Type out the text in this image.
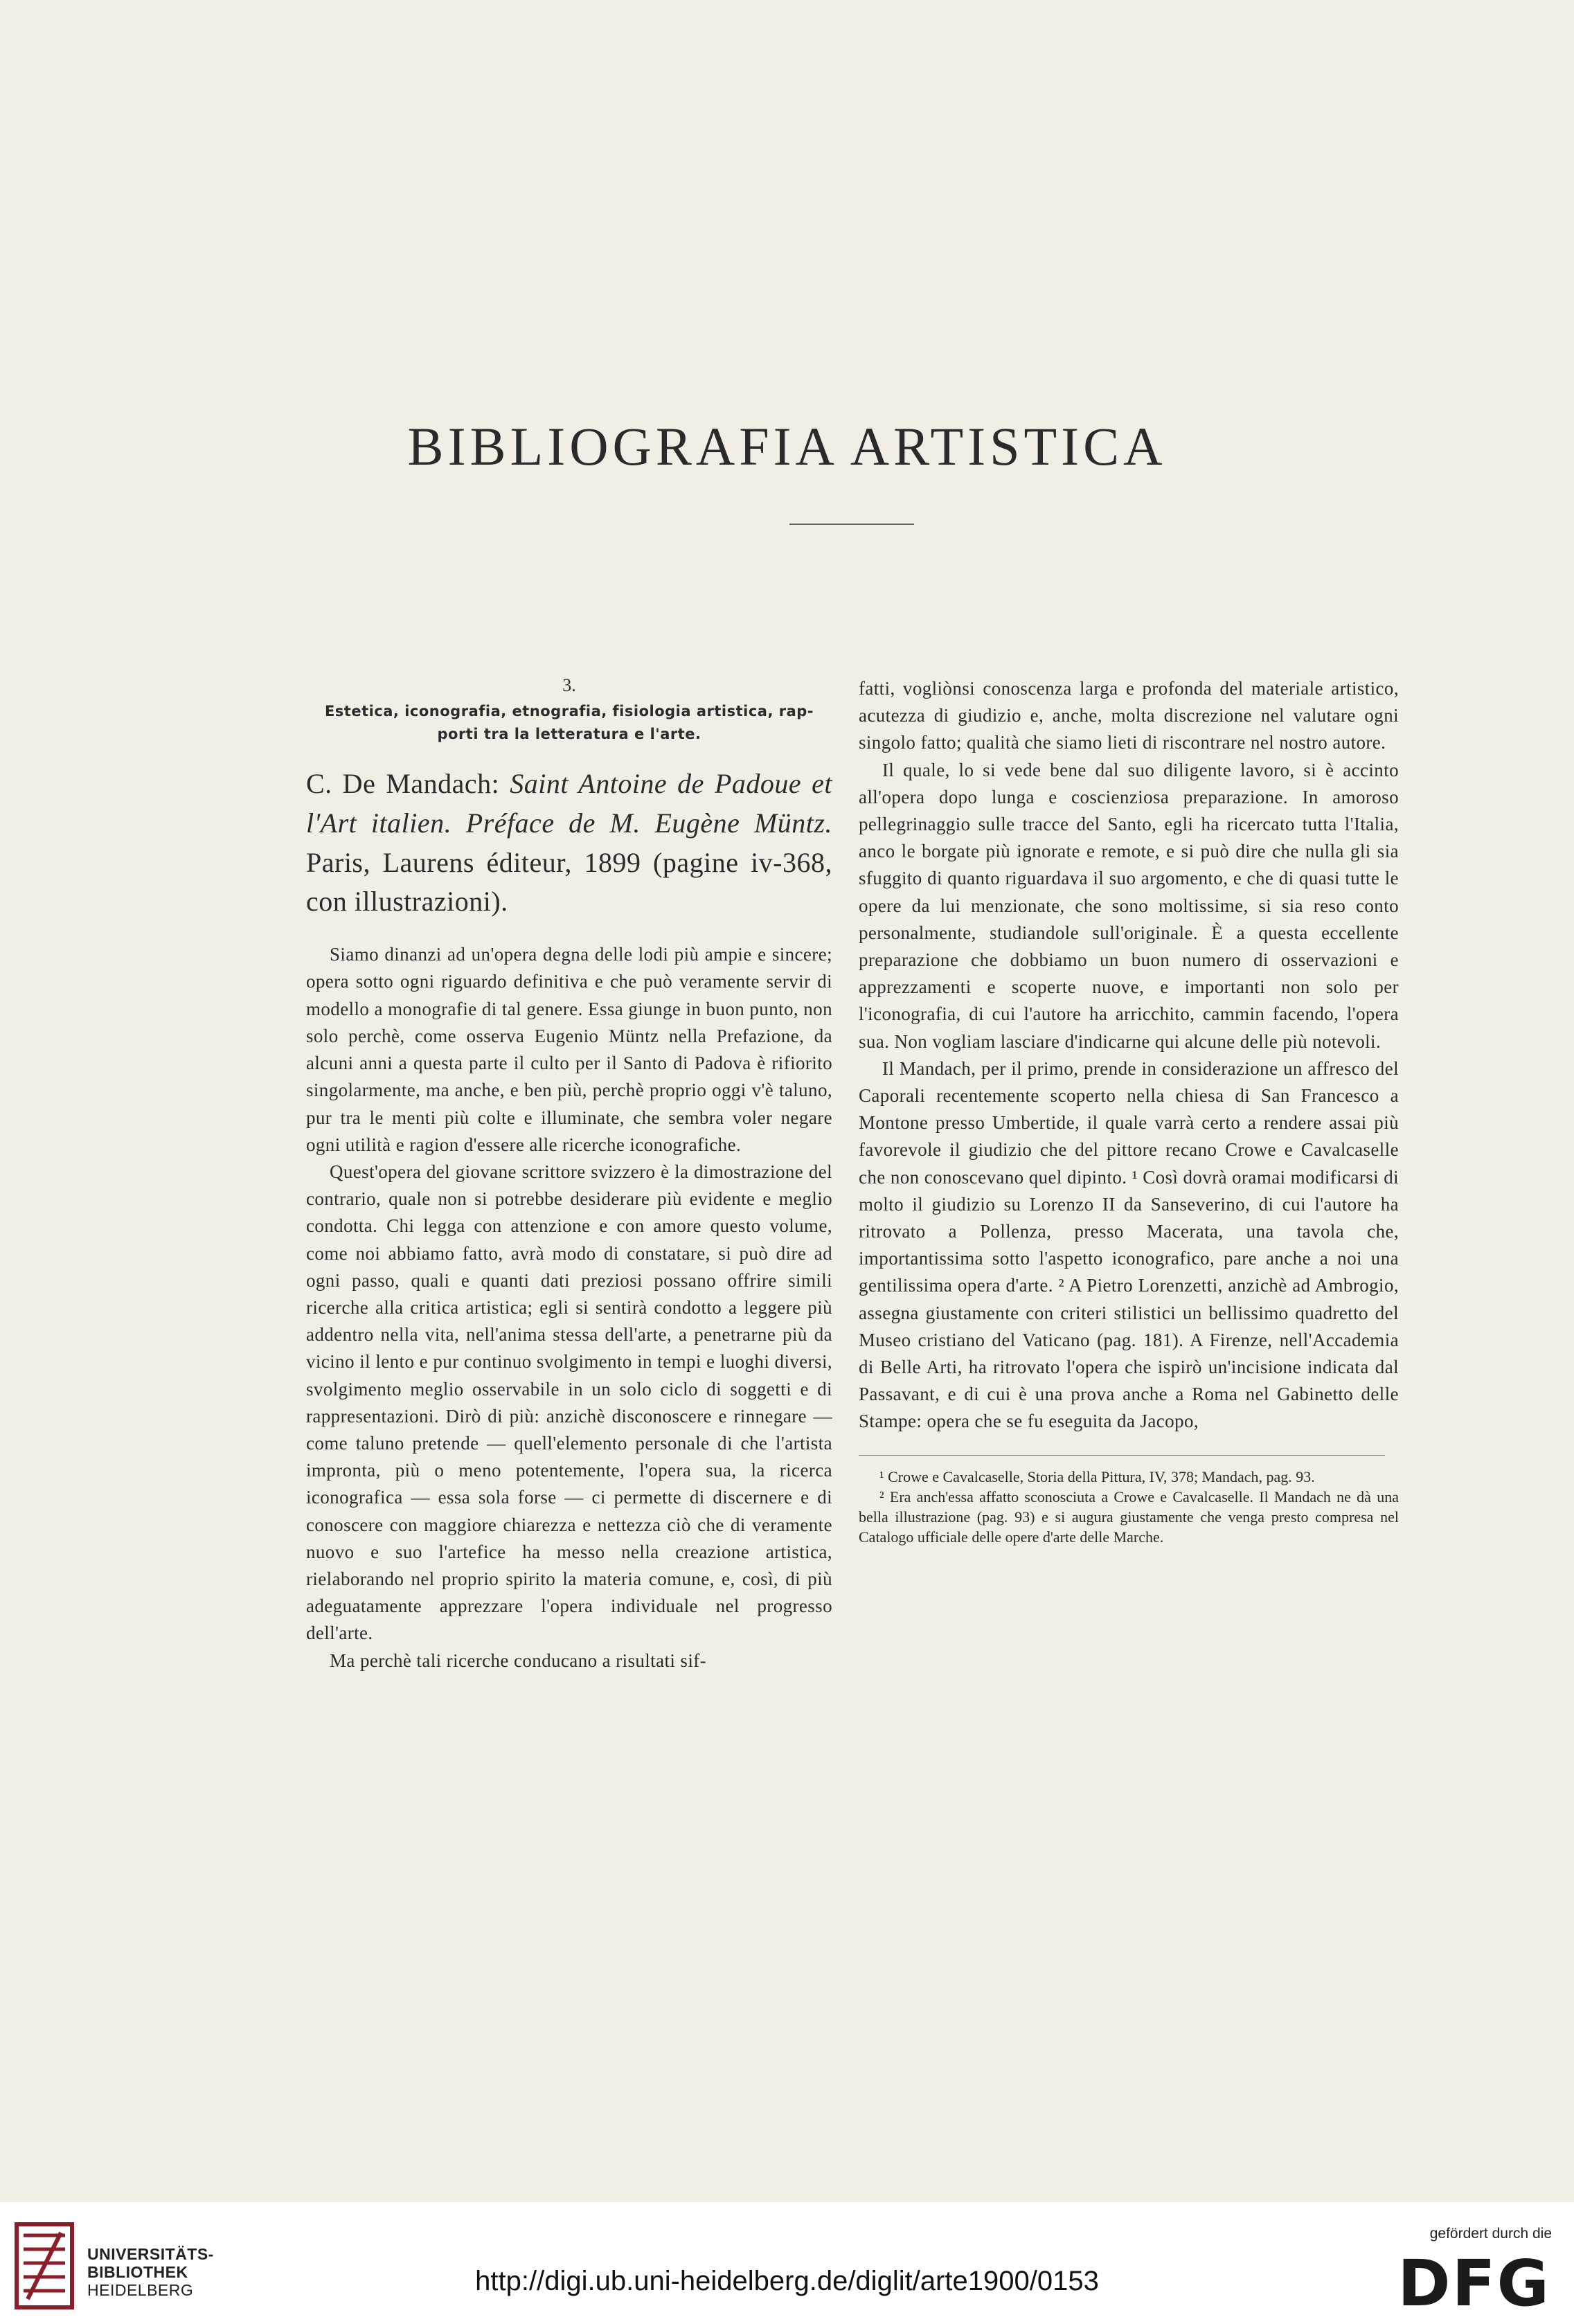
BIBLIOGRAFIA ARTISTICA
3.
Estetica, iconografia, etnografia, fisiologia artistica, rap-
porti tra la letteratura e l'arte.
C. De Mandach: Saint Antoine de Padoue et l'Art italien. Préface de M. Eugène Müntz. Paris, Laurens éditeur, 1899 (pagine iv-368, con illustrazioni).

Siamo dinanzi ad un'opera degna delle lodi più ampie e sincere; opera sotto ogni riguardo definitiva e che può veramente servir di modello a monografie di tal genere. Essa giunge in buon punto, non solo perchè, come osserva Eugenio Müntz nella Prefazione, da alcuni anni a questa parte il culto per il Santo di Padova è rifiorito singolarmente, ma anche, e ben più, perchè proprio oggi v'è taluno, pur tra le menti più colte e illuminate, che sembra voler negare ogni utilità e ragion d'essere alle ricerche iconografiche.

Quest'opera del giovane scrittore svizzero è la dimostrazione del contrario, quale non si potrebbe desiderare più evidente e meglio condotta. Chi legga con attenzione e con amore questo volume, come noi abbiamo fatto, avrà modo di constatare, si può dire ad ogni passo, quali e quanti dati preziosi possano offrire simili ricerche alla critica artistica; egli si sentirà condotto a leggere più addentro nella vita, nell'anima stessa dell'arte, a penetrarne più da vicino il lento e pur continuo svolgimento in tempi e luoghi diversi, svolgimento meglio osservabile in un solo ciclo di soggetti e di rappresentazioni. Dirò di più: anzichè disconoscere e rinnegare — come taluno pretende — quell'elemento personale di che l'artista impronta, più o meno potentemente, l'opera sua, la ricerca iconografica — essa sola forse — ci permette di discernere e di conoscere con maggiore chiarezza e nettezza ciò che di veramente nuovo e suo l'artefice ha messo nella creazione artistica, rielaborando nel proprio spirito la materia comune, e, così, di più adeguatamente apprezzare l'opera individuale nel progresso dell'arte.

Ma perchè tali ricerche conducano a risultati sif-

fatti, vogliònsi conoscenza larga e profonda del materiale artistico, acutezza di giudizio e, anche, molta discrezione nel valutare ogni singolo fatto; qualità che siamo lieti di riscontrare nel nostro autore.

Il quale, lo si vede bene dal suo diligente lavoro, si è accinto all'opera dopo lunga e coscienziosa preparazione. In amoroso pellegrinaggio sulle tracce del Santo, egli ha ricercato tutta l'Italia, anco le borgate più ignorate e remote, e si può dire che nulla gli sia sfuggito di quanto riguardava il suo argomento, e che di quasi tutte le opere da lui menzionate, che sono moltissime, si sia reso conto personalmente, studiandole sull'originale. È a questa eccellente preparazione che dobbiamo un buon numero di osservazioni e apprezzamenti e scoperte nuove, e importanti non solo per l'iconografia, di cui l'autore ha arricchito, cammin facendo, l'opera sua. Non vogliam lasciare d'indicarne qui alcune delle più notevoli.

Il Mandach, per il primo, prende in considerazione un affresco del Caporali recentemente scoperto nella chiesa di San Francesco a Montone presso Umbertide, il quale varrà certo a rendere assai più favorevole il giudizio che del pittore recano Crowe e Cavalcaselle che non conoscevano quel dipinto. ¹ Così dovrà oramai modificarsi di molto il giudizio su Lorenzo II da Sanseverino, di cui l'autore ha ritrovato a Pollenza, presso Macerata, una tavola che, importantissima sotto l'aspetto iconografico, pare anche a noi una gentilissima opera d'arte. ² A Pietro Lorenzetti, anzichè ad Ambrogio, assegna giustamente con criteri stilistici un bellissimo quadretto del Museo cristiano del Vaticano (pag. 181). A Firenze, nell'Accademia di Belle Arti, ha ritrovato l'opera che ispirò un'incisione indicata dal Passavant, e di cui è una prova anche a Roma nel Gabinetto delle Stampe: opera che se fu eseguita da Jacopo,

¹ Crowe e Cavalcaselle, Storia della Pittura, IV, 378; Mandach, pag. 93.

² Era anch'essa affatto sconosciuta a Crowe e Cavalcaselle. Il Mandach ne dà una bella illustrazione (pag. 93) e si augura giustamente che venga presto compresa nel Catalogo ufficiale delle opere d'arte delle Marche.

UNIVERSITÄTS-
BIBLIOTHEK
HEIDELBERG	http://digi.ub.uni-heidelberg.de/diglit/arte1900/0153
gefördert durch die
DFG
